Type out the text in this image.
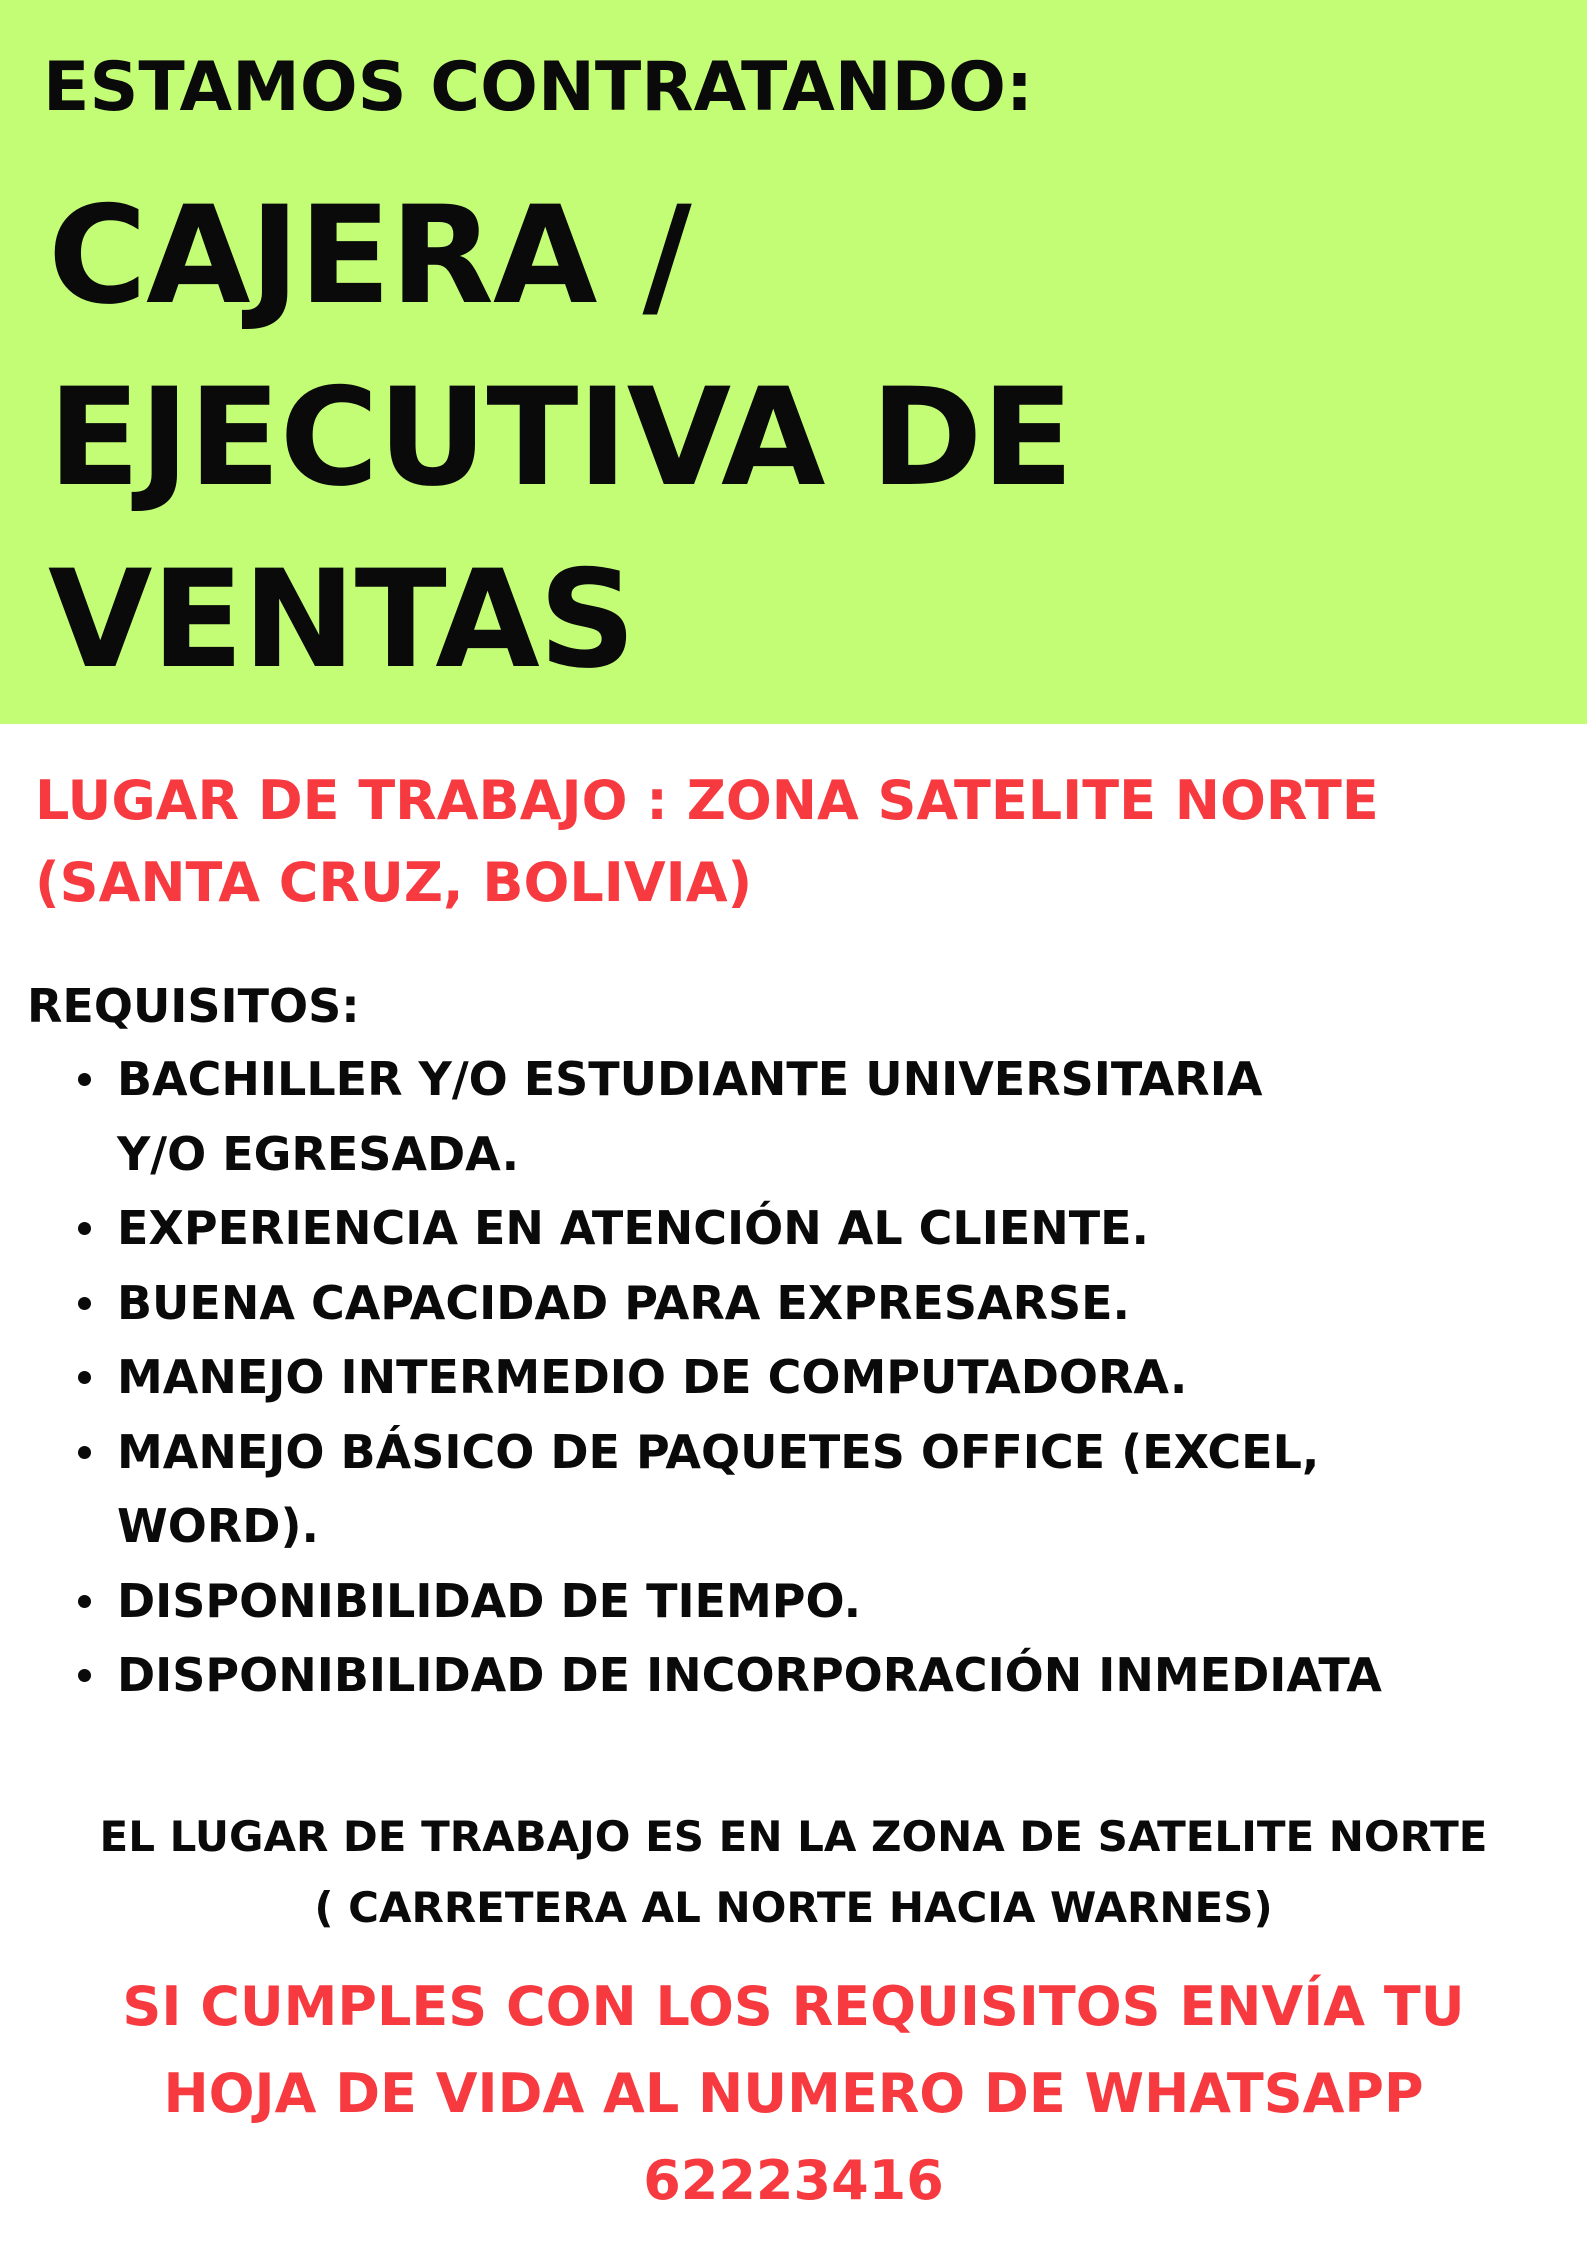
ESTAMOS CONTRATANDO:
CAJERA /
EJECUTIVA DE
VENTAS

LUGAR DE TRABAJO : ZONA SATELITE NORTE
(SANTA CRUZ, BOLIVIA)

REQUISITOS:
BACHILLER Y/O ESTUDIANTE UNIVERSITARIA
Y/O EGRESADA.
EXPERIENCIA EN ATENCIÓN AL CLIENTE.
BUENA CAPACIDAD PARA EXPRESARSE.
MANEJO INTERMEDIO DE COMPUTADORA.
MANEJO BÁSICO DE PAQUETES OFFICE (EXCEL,
WORD).
DISPONIBILIDAD DE TIEMPO.
DISPONIBILIDAD DE INCORPORACIÓN INMEDIATA

EL LUGAR DE TRABAJO ES EN LA ZONA DE SATELITE NORTE
( CARRETERA AL NORTE HACIA WARNES)

SI CUMPLES CON LOS REQUISITOS ENVÍA TU
HOJA DE VIDA AL NUMERO DE WHATSAPP
62223416
